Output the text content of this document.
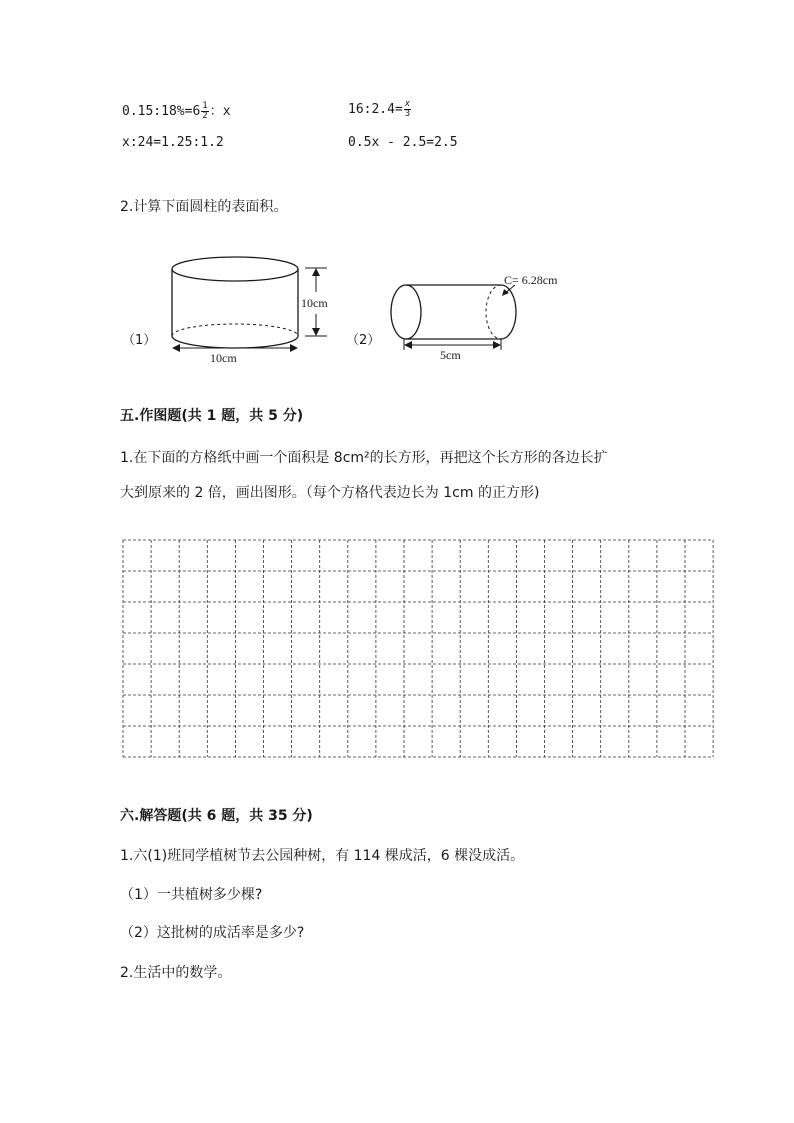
0.15:18%=6 $\frac{1}{2}$ ：x	16:2.4= $\frac{x}{3}$
x:24=1.25:1.2	0.5x - 2.5=2.5
2.计算下面圆柱的表面积。
（1）
10cm
10cm
（2）
C= 6.28cm
5cm
五.作图题(共 1 题，共 5 分)
1.在下面的方格纸中画一个面积是 8cm²的长方形，再把这个长方形的各边长扩
大到原来的 2 倍，画出图形。（每个方格代表边长为 1cm 的正方形)
六.解答题(共 6 题，共 35 分)
1.六(1)班同学植树节去公园种树，有 114 棵成活，6 棵没成活。
（1）一共植树多少棵?
（2）这批树的成活率是多少?
2.生活中的数学。
